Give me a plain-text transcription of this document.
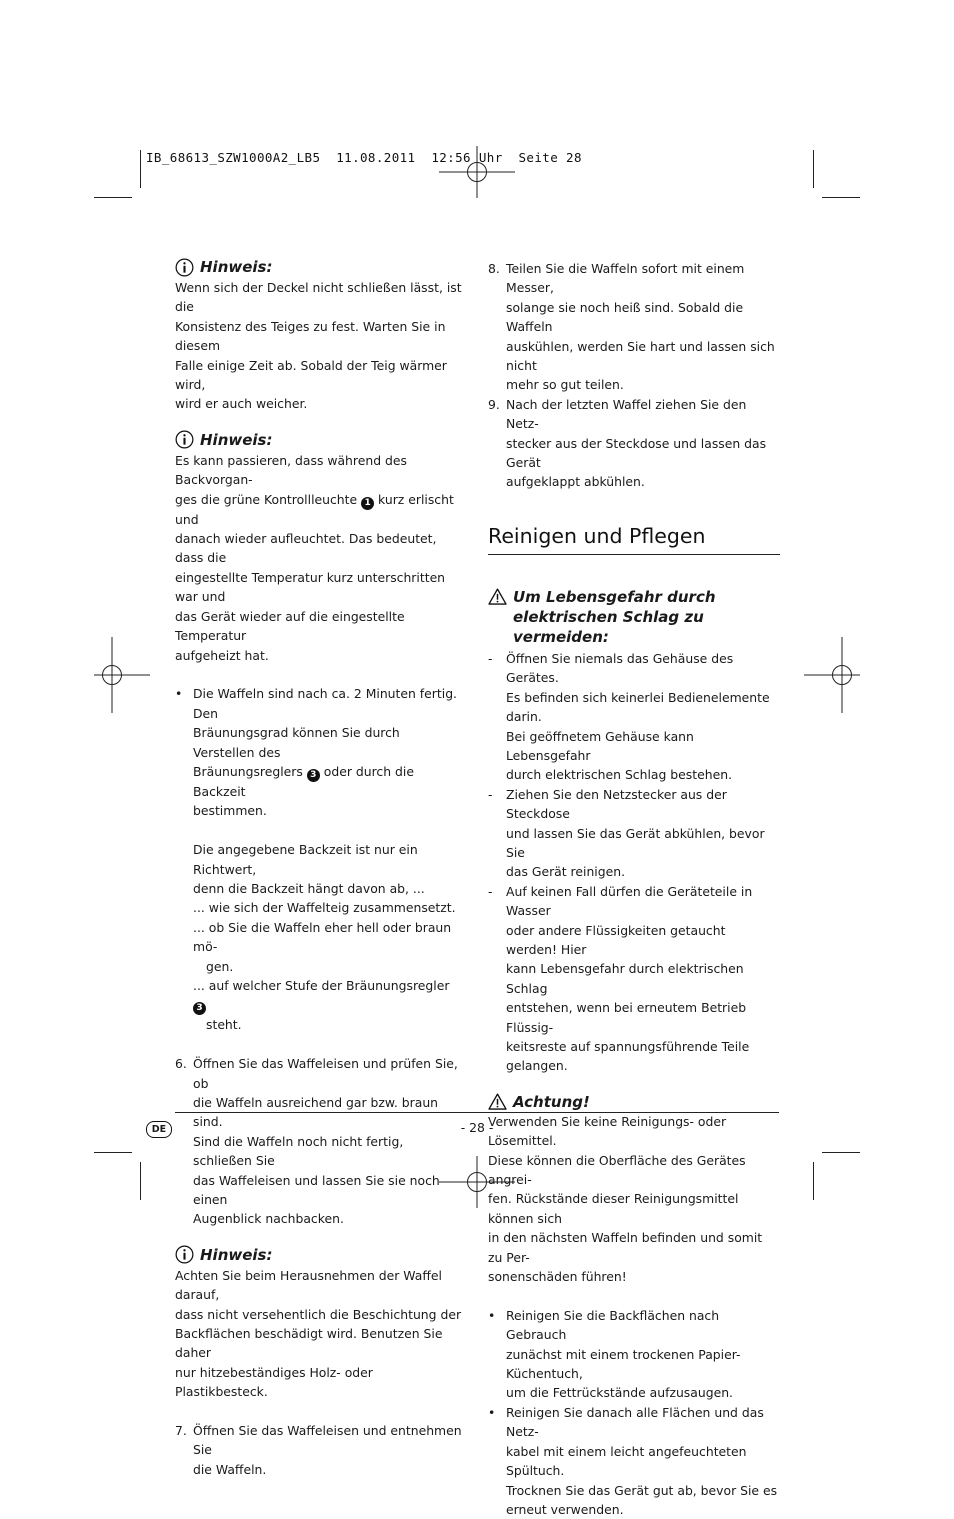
IB_68613_SZW1000A2_LB5  11.08.2011  12:56 Uhr  Seite 28
Hinweis:

Wenn sich der Deckel nicht schließen lässt, ist die

Konsistenz des Teiges zu fest. Warten Sie in diesem

Falle einige Zeit ab. Sobald der Teig wärmer wird,

wird er auch weicher.

Hinweis:

Es kann passieren, dass während des Backvorgan-

ges die grüne Kontrollleuchte 1 kurz erlischt und

danach wieder aufleuchtet. Das bedeutet, dass die

eingestellte Temperatur kurz unterschritten war und

das Gerät wieder auf die eingestellte Temperatur

aufgeheizt hat.

• Die Waffeln sind nach ca. 2 Minuten fertig. Den

Bräunungsgrad können Sie durch Verstellen des

Bräunungsreglers 3 oder durch die Backzeit

bestimmen.

Die angegebene Backzeit ist nur ein Richtwert,

denn die Backzeit hängt davon ab, ...

... wie sich der Waffelteig zusammensetzt.

... ob Sie die Waffeln eher hell oder braun mö-

gen.

... auf welcher Stufe der Bräunungsregler 3

steht.

6. Öffnen Sie das Waffeleisen und prüfen Sie, ob

die Waffeln ausreichend gar bzw. braun sind.

Sind die Waffeln noch nicht fertig, schließen Sie

das Waffeleisen und lassen Sie sie noch einen

Augenblick nachbacken.

Hinweis:

Achten Sie beim Herausnehmen der Waffel darauf,

dass nicht versehentlich die Beschichtung der

Backflächen beschädigt wird. Benutzen Sie daher

nur hitzebeständiges Holz- oder Plastikbesteck.

7. Öffnen Sie das Waffeleisen und entnehmen Sie

die Waffeln.

8. Teilen Sie die Waffeln sofort mit einem Messer,

solange sie noch heiß sind. Sobald die Waffeln

auskühlen, werden Sie hart und lassen sich nicht

mehr so gut teilen.

9. Nach der letzten Waffel ziehen Sie den Netz-

stecker aus der Steckdose und lassen das Gerät

aufgeklappt abkühlen.

Reinigen und Pflegen
Um Lebensgefahr durch
elektrischen Schlag zu vermeiden:
-	Öffnen Sie niemals das Gehäuse des Gerätes.

Es befinden sich keinerlei Bedienelemente darin.

Bei geöffnetem Gehäuse kann Lebensgefahr

durch elektrischen Schlag bestehen.

-	Ziehen Sie den Netzstecker aus der Steckdose

und lassen Sie das Gerät abkühlen, bevor Sie

das Gerät reinigen.

-	Auf keinen Fall dürfen die Geräteteile in Wasser

oder andere Flüssigkeiten getaucht werden! Hier

kann Lebensgefahr durch elektrischen Schlag

entstehen, wenn bei erneutem Betrieb Flüssig-

keitsreste auf spannungsführende Teile

gelangen.

Achtung!

Verwenden Sie keine Reinigungs- oder Lösemittel.

Diese können die Oberfläche des Gerätes angrei-

fen. Rückstände dieser Reinigungsmittel können sich

in den nächsten Waffeln befinden und somit zu Per-

sonenschäden führen!

• Reinigen Sie die Backflächen nach Gebrauch

zunächst mit einem trockenen Papier-Küchentuch,

um die Fettrückstände aufzusaugen.

• Reinigen Sie danach alle Flächen und das Netz-

kabel mit einem leicht angefeuchteten Spültuch.

Trocknen Sie das Gerät gut ab, bevor Sie es

erneut verwenden.

DE	- 28 -
